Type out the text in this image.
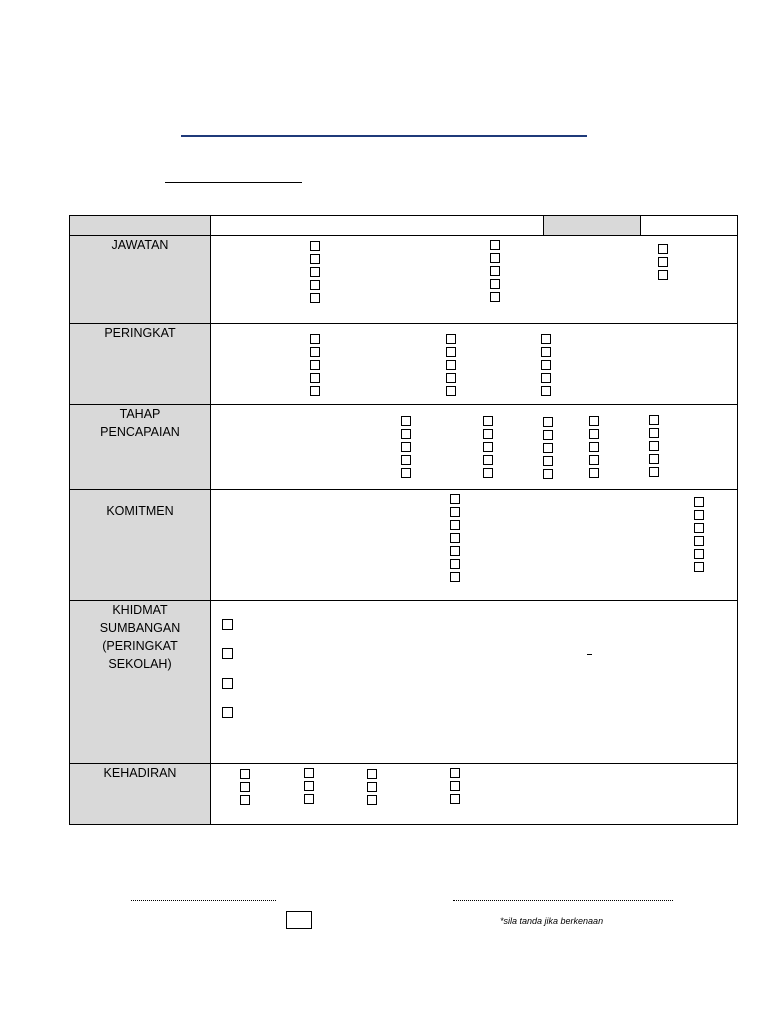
JAWATAN			

PERINGKAT			

TAHAP
PENCAPAIAN			

KOMITMEN			

KHIDMAT
SUMBANGAN
(PERINGKAT SEKOLAH)			

KEHADIRAN			

*sila tanda jika berkenaan
